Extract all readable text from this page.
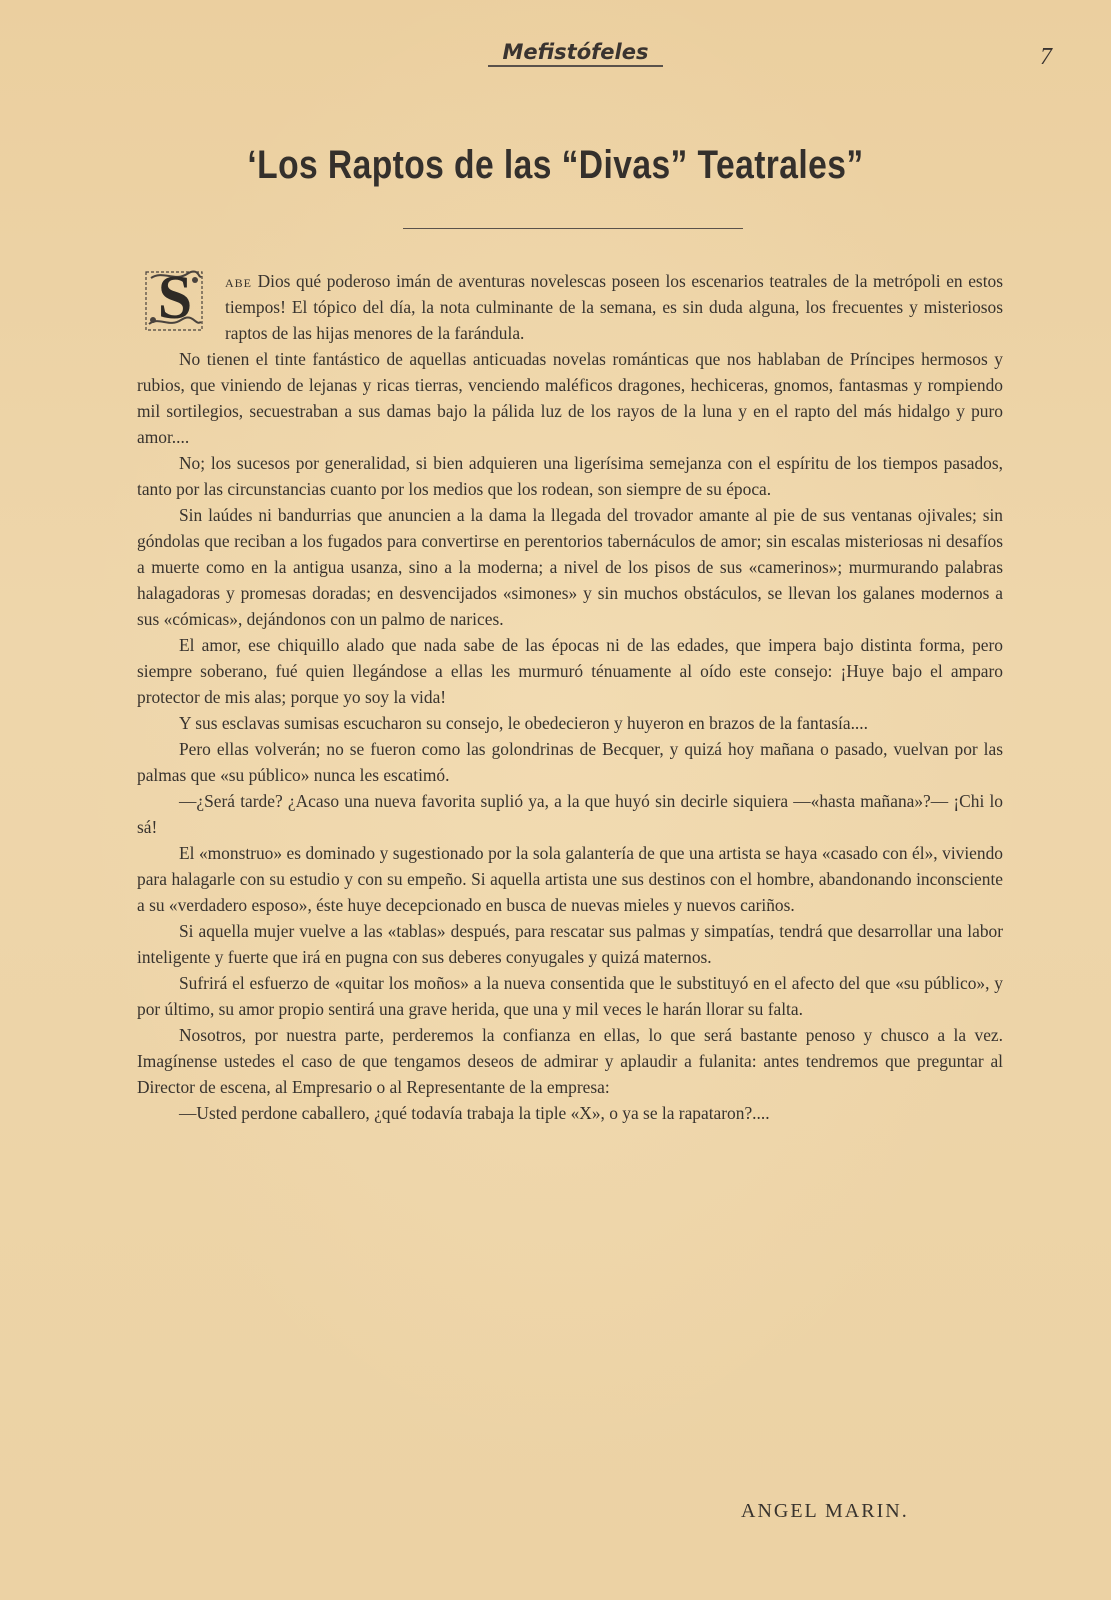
Mefistófeles	7
‘Los Raptos de las “Divas” Teatrales”

S	abe Dios qué poderoso imán de aventuras novelescas poseen los escenarios teatrales de la metrópoli en estos tiempos! El tópico del día, la nota culminante de la semana, es sin duda alguna, los frecuentes y misteriosos raptos de las hijas menores de la farándula.

No tienen el tinte fantástico de aquellas anticuadas novelas románticas que nos hablaban de Príncipes hermosos y rubios, que viniendo de lejanas y ricas tierras, venciendo maléficos dragones, hechiceras, gnomos, fantasmas y rompiendo mil sortilegios, secuestraban a sus damas bajo la pálida luz de los rayos de la luna y en el rapto del más hidalgo y puro amor....

No; los sucesos por generalidad, si bien adquieren una ligerísima semejanza con el espíritu de los tiempos pasados, tanto por las circunstancias cuanto por los medios que los rodean, son siempre de su época.

Sin laúdes ni bandurrias que anuncien a la dama la llegada del trovador amante al pie de sus ventanas ojivales; sin góndolas que reciban a los fugados para convertirse en perentorios tabernáculos de amor; sin escalas misteriosas ni desafíos a muerte como en la antigua usanza, sino a la moderna; a nivel de los pisos de sus «camerinos»; murmurando palabras halagadoras y promesas doradas; en desvencijados «simones» y sin muchos obstáculos, se llevan los galanes modernos a sus «cómicas», dejándonos con un palmo de narices.

El amor, ese chiquillo alado que nada sabe de las épocas ni de las edades, que impera bajo distinta forma, pero siempre soberano, fué quien llegándose a ellas les murmuró ténuamente al oído este consejo: ¡Huye bajo el amparo protector de mis alas; porque yo soy la vida!

Y sus esclavas sumisas escucharon su consejo, le obedecieron y huyeron en brazos de la fantasía....

Pero ellas volverán; no se fueron como las golondrinas de Becquer, y quizá hoy mañana o pasado, vuelvan por las palmas que «su público» nunca les escatimó.

—¿Será tarde? ¿Acaso una nueva favorita suplió ya, a la que huyó sin decirle siquiera —«hasta mañana»?— ¡Chi lo sá!

El «monstruo» es dominado y sugestionado por la sola galantería de que una artista se haya «casado con él», viviendo para halagarle con su estudio y con su empeño. Si aquella artista une sus destinos con el hombre, abandonando inconsciente a su «verdadero esposo», éste huye decepcionado en busca de nuevas mieles y nuevos cariños.

Si aquella mujer vuelve a las «tablas» después, para rescatar sus palmas y simpatías, tendrá que desarrollar una labor inteligente y fuerte que irá en pugna con sus deberes conyugales y quizá maternos.

Sufrirá el esfuerzo de «quitar los moños» a la nueva consentida que le substituyó en el afecto del que «su público», y por último, su amor propio sentirá una grave herida, que una y mil veces le harán llorar su falta.

Nosotros, por nuestra parte, perderemos la confianza en ellas, lo que será bastante penoso y chusco a la vez. Imagínense ustedes el caso de que tengamos deseos de admirar y aplaudir a fulanita: antes tendremos que preguntar al Director de escena, al Empresario o al Representante de la empresa:

—Usted perdone caballero, ¿qué todavía trabaja la tiple «X», o ya se la rapataron?....

ANGEL MARIN.
